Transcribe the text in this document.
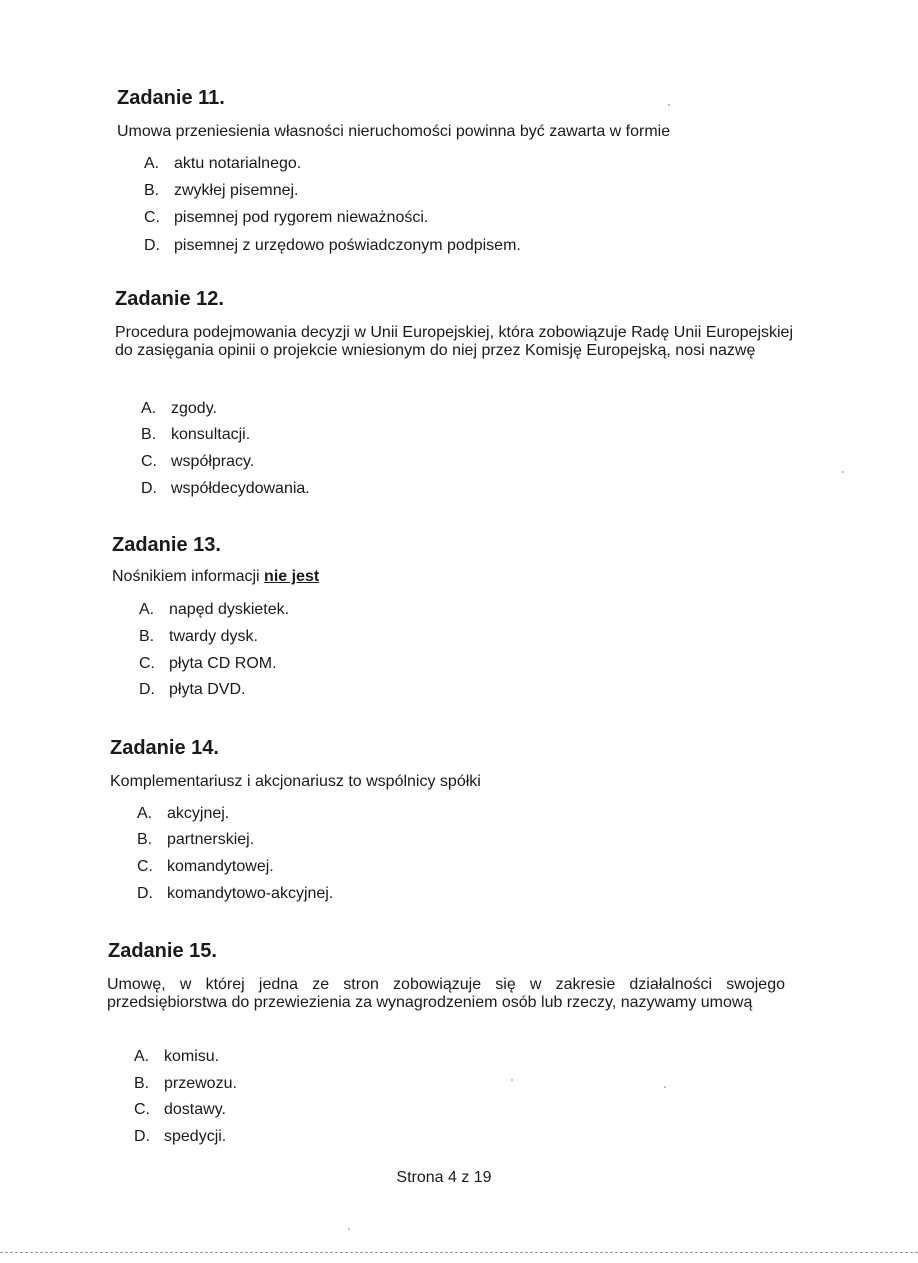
Zadanie 11.

Umowa przeniesienia własności nieruchomości powinna być zawarta w formie

A. aktu notarialnego.
B. zwykłej pisemnej.
C. pisemnej pod rygorem nieważności.
D. pisemnej z urzędowo poświadczonym podpisem.
Zadanie 12.

Procedura podejmowania decyzji w Unii Europejskiej, która zobowiązuje Radę Unii Europejskiej do zasięgania opinii o projekcie wniesionym do niej przez Komisję Europejską, nosi nazwę

A. zgody.
B. konsultacji.
C. współpracy.
D. współdecydowania.
Zadanie 13.

Nośnikiem informacji nie jest

A. napęd dyskietek.
B. twardy dysk.
C. płyta CD ROM.
D. płyta DVD.
Zadanie 14.

Komplementariusz i akcjonariusz to wspólnicy spółki

A. akcyjnej.
B. partnerskiej.
C. komandytowej.
D. komandytowo-akcyjnej.
Zadanie 15.

Umowę, w której jedna ze stron zobowiązuje się w zakresie działalności swojego przedsiębiorstwa do przewiezienia za wynagrodzeniem osób lub rzeczy, nazywamy umową

A. komisu.
B. przewozu.
C. dostawy.
D. spedycji.
Strona 4 z 19
